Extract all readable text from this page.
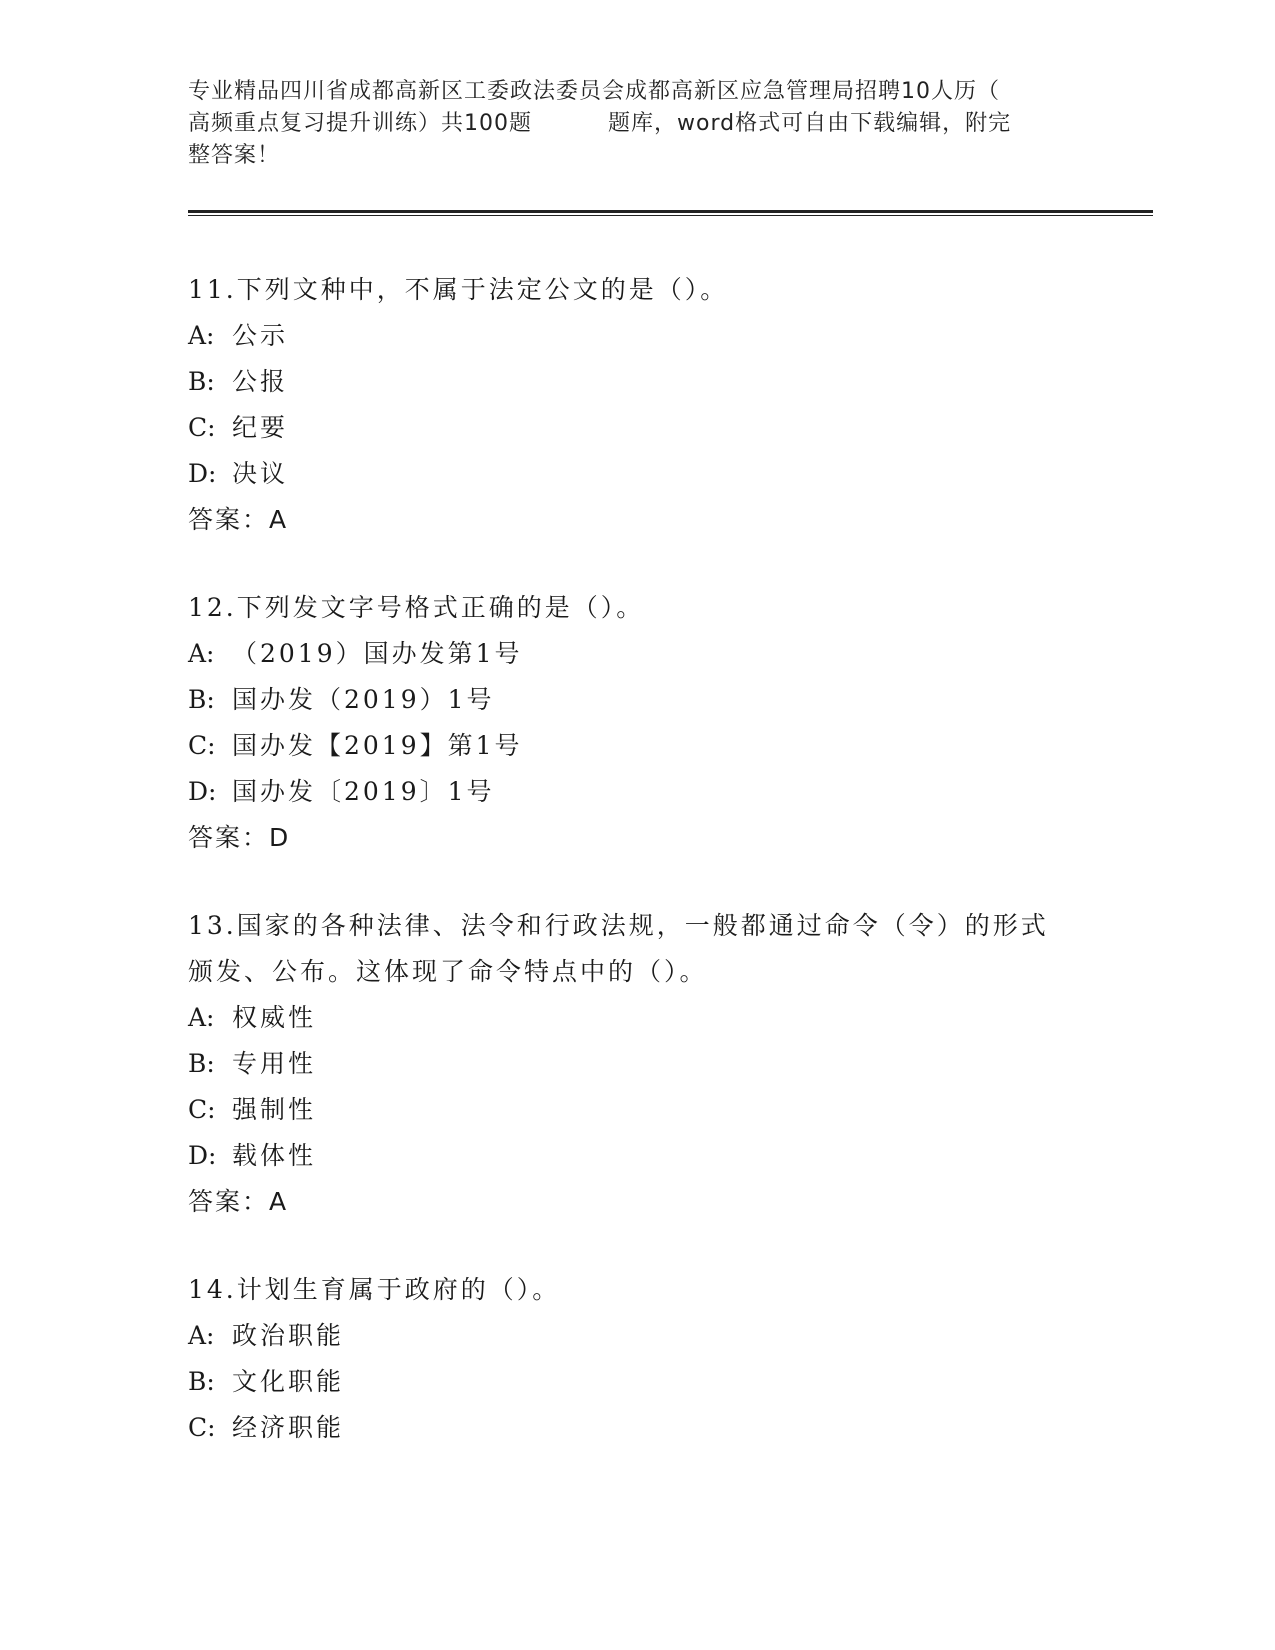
专业精品四川省成都高新区工委政法委员会成都高新区应急管理局招聘10人历（
高频重点复习提升训练）共100题	题库，word格式可自由下载编辑，附完
整答案！

11.下列文种中，不属于法定公文的是（）。

A: 公示
B: 公报
C: 纪要
D: 决议
答案：A

12.下列发文字号格式正确的是（）。

A: （2019）国办发第1号
B: 国办发（2019）1号
C: 国办发【2019】第1号
D: 国办发〔2019〕1号
答案：D

13.国家的各种法律、法令和行政法规，一般都通过命令（令）的形式
颁发、公布。这体现了命令特点中的（）。

A: 权威性
B: 专用性
C: 强制性
D: 载体性
答案：A

14.计划生育属于政府的（）。

A: 政治职能
B: 文化职能
C: 经济职能
